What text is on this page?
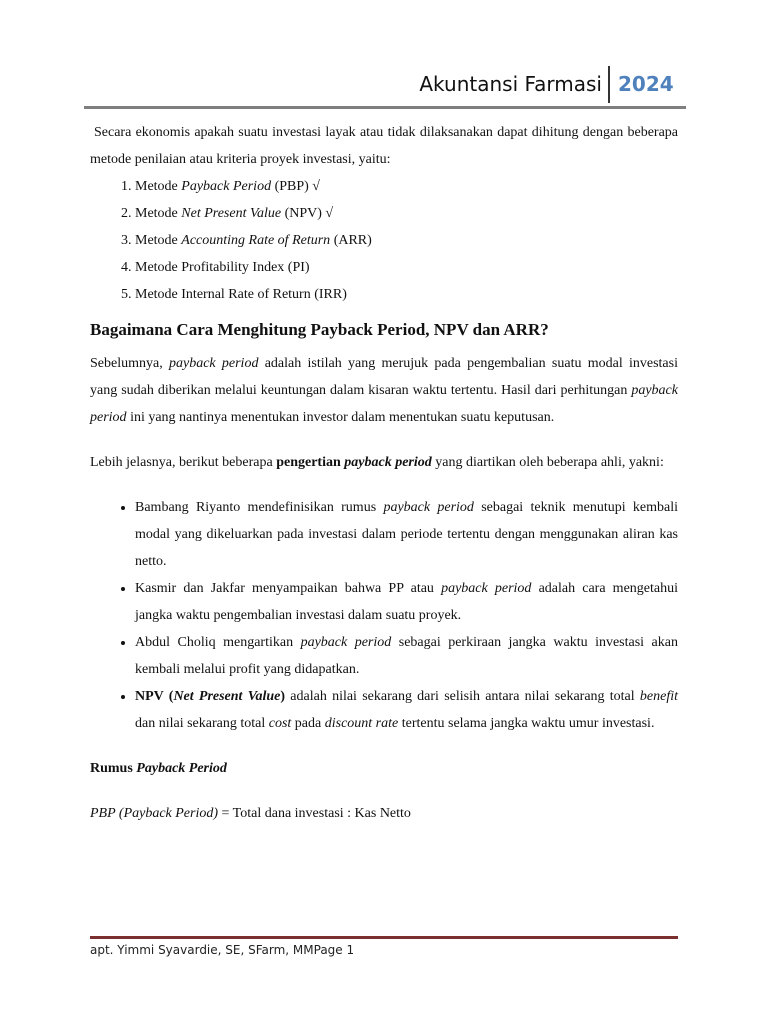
Akuntansi Farmasi 2024

Secara ekonomis apakah suatu investasi layak atau tidak dilaksanakan dapat dihitung dengan beberapa metode penilaian atau kriteria proyek investasi, yaitu:

1. Metode Payback Period (PBP) √
2. Metode Net Present Value (NPV) √
3. Metode Accounting Rate of Return (ARR)
4. Metode Profitability Index (PI)
5. Metode Internal Rate of Return (IRR)
Bagaimana Cara Menghitung Payback Period, NPV dan ARR?

Sebelumnya, payback period adalah istilah yang merujuk pada pengembalian suatu modal investasi yang sudah diberikan melalui keuntungan dalam kisaran waktu tertentu. Hasil dari perhitungan payback period ini yang nantinya menentukan investor dalam menentukan suatu keputusan.

Lebih jelasnya, berikut beberapa pengertian payback period yang diartikan oleh beberapa ahli, yakni:

• Bambang Riyanto mendefinisikan rumus payback period sebagai teknik menutupi kembali modal yang dikeluarkan pada investasi dalam periode tertentu dengan menggunakan aliran kas netto.
• Kasmir dan Jakfar menyampaikan bahwa PP atau payback period adalah cara mengetahui jangka waktu pengembalian investasi dalam suatu proyek.
• Abdul Choliq mengartikan payback period sebagai perkiraan jangka waktu investasi akan kembali melalui profit yang didapatkan.
• NPV (Net Present Value) adalah nilai sekarang dari selisih antara nilai sekarang total benefit dan nilai sekarang total cost pada discount rate tertentu selama jangka waktu umur investasi.

Rumus Payback Period

PBP (Payback Period) = Total dana investasi : Kas Netto

apt. Yimmi Syavardie, SE, SFarm, MMPage 1
